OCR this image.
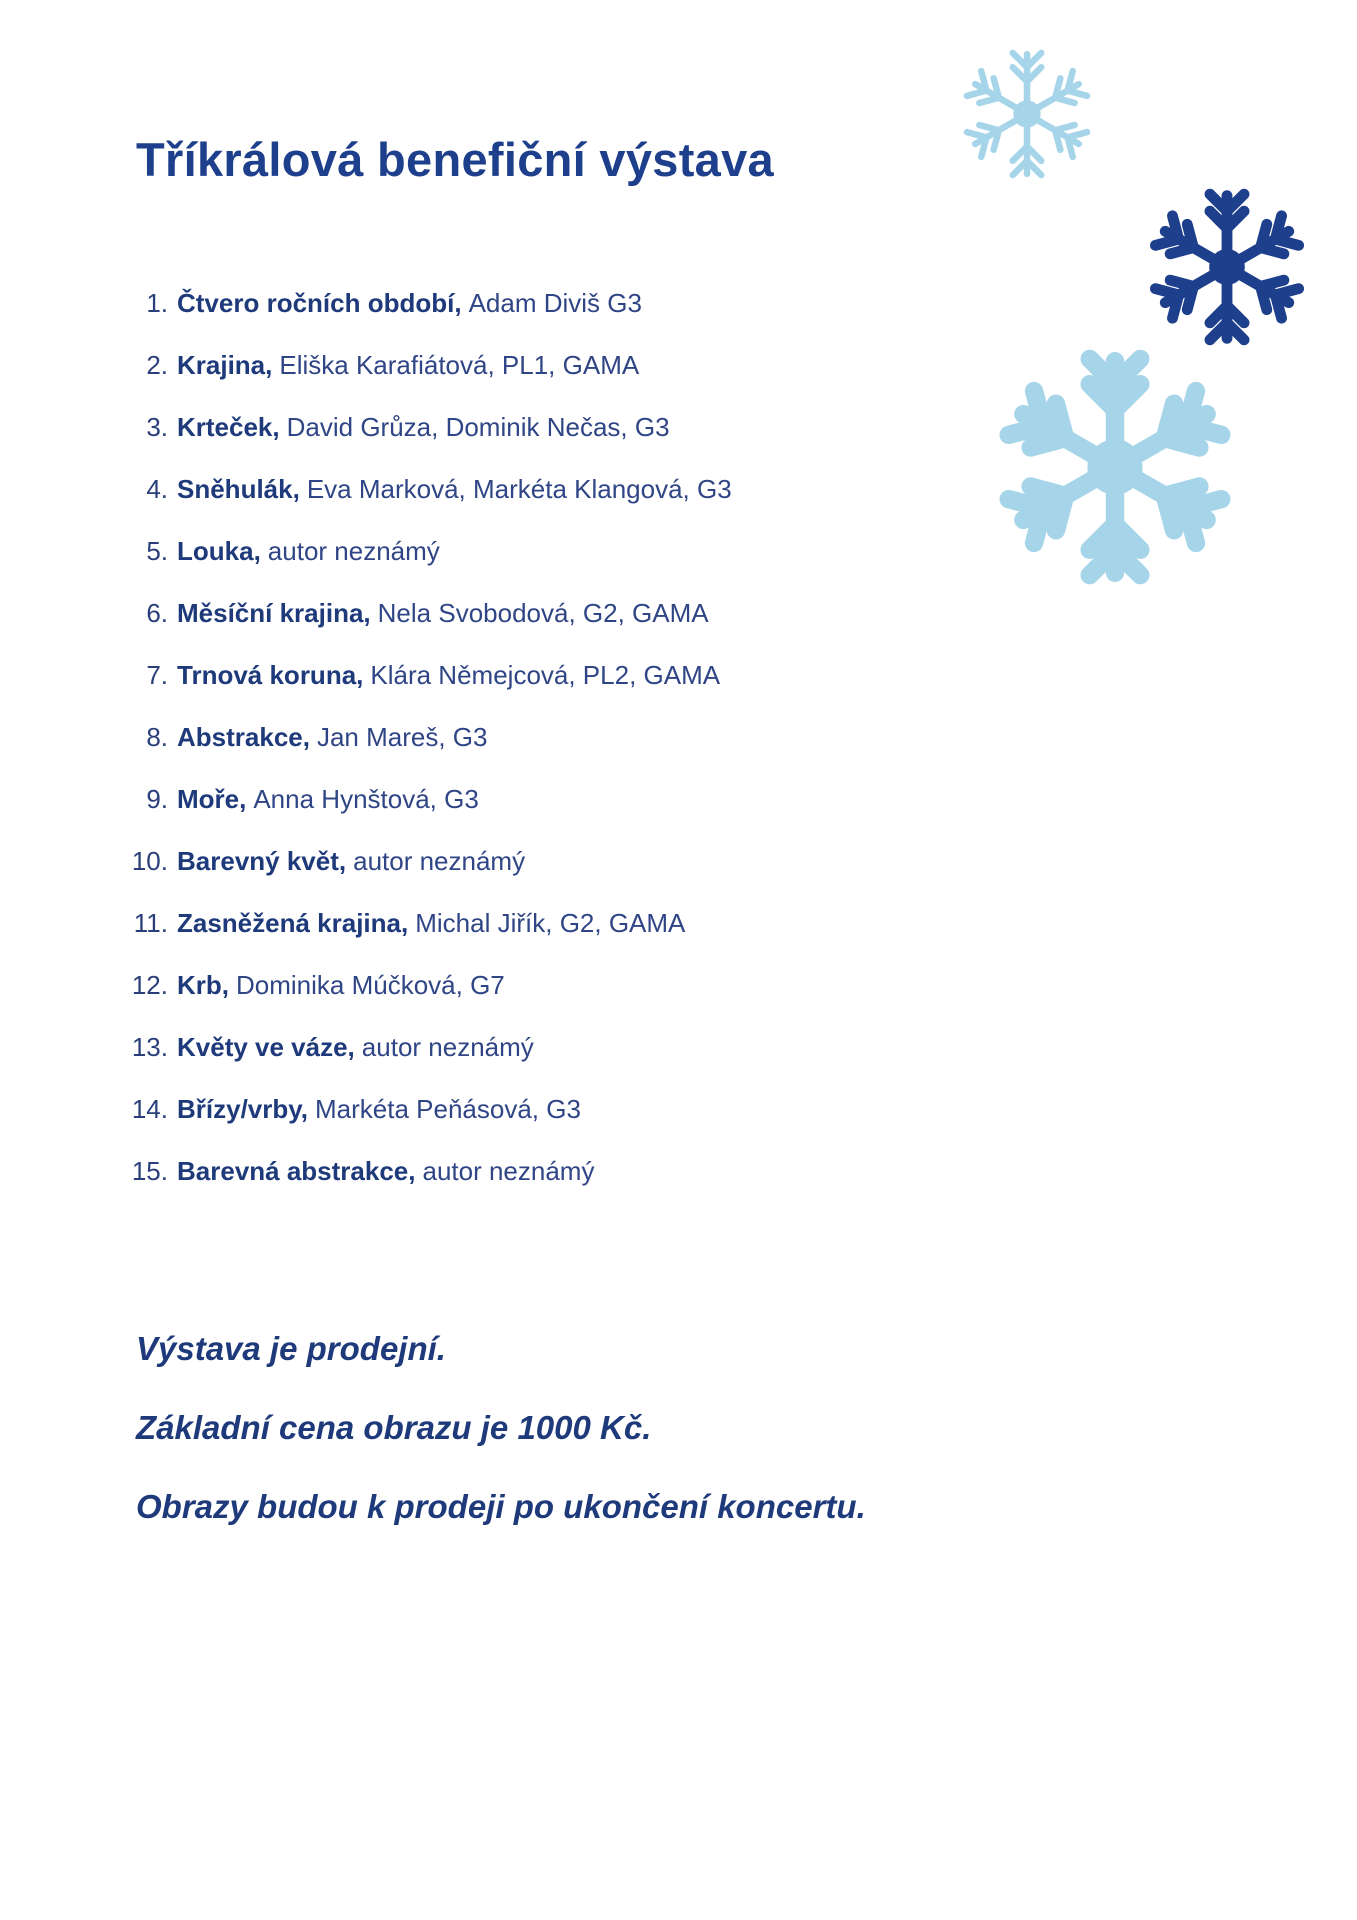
Tříkrálová benefiční výstava
1. Čtvero ročních období, Adam Diviš G3
2. Krajina, Eliška Karafiátová, PL1, GAMA
3. Krteček, David Grůza, Dominik Nečas, G3
4. Sněhulák, Eva Marková, Markéta Klangová, G3
5. Louka, autor neznámý
6. Měsíční krajina, Nela Svobodová, G2, GAMA
7. Trnová koruna, Klára Němejcová, PL2, GAMA
8. Abstrakce, Jan Mareš, G3
9. Moře, Anna Hynštová, G3
10. Barevný květ, autor neznámý
11. Zasněžená krajina, Michal Jiřík, G2, GAMA
12. Krb, Dominika Múčková, G7
13. Květy ve váze, autor neznámý
14. Břízy/vrby, Markéta Peňásová, G3
15. Barevná abstrakce, autor neznámý

Výstava je prodejní.

Základní cena obrazu je 1000 Kč.

Obrazy budou k prodeji po ukončení koncertu.
